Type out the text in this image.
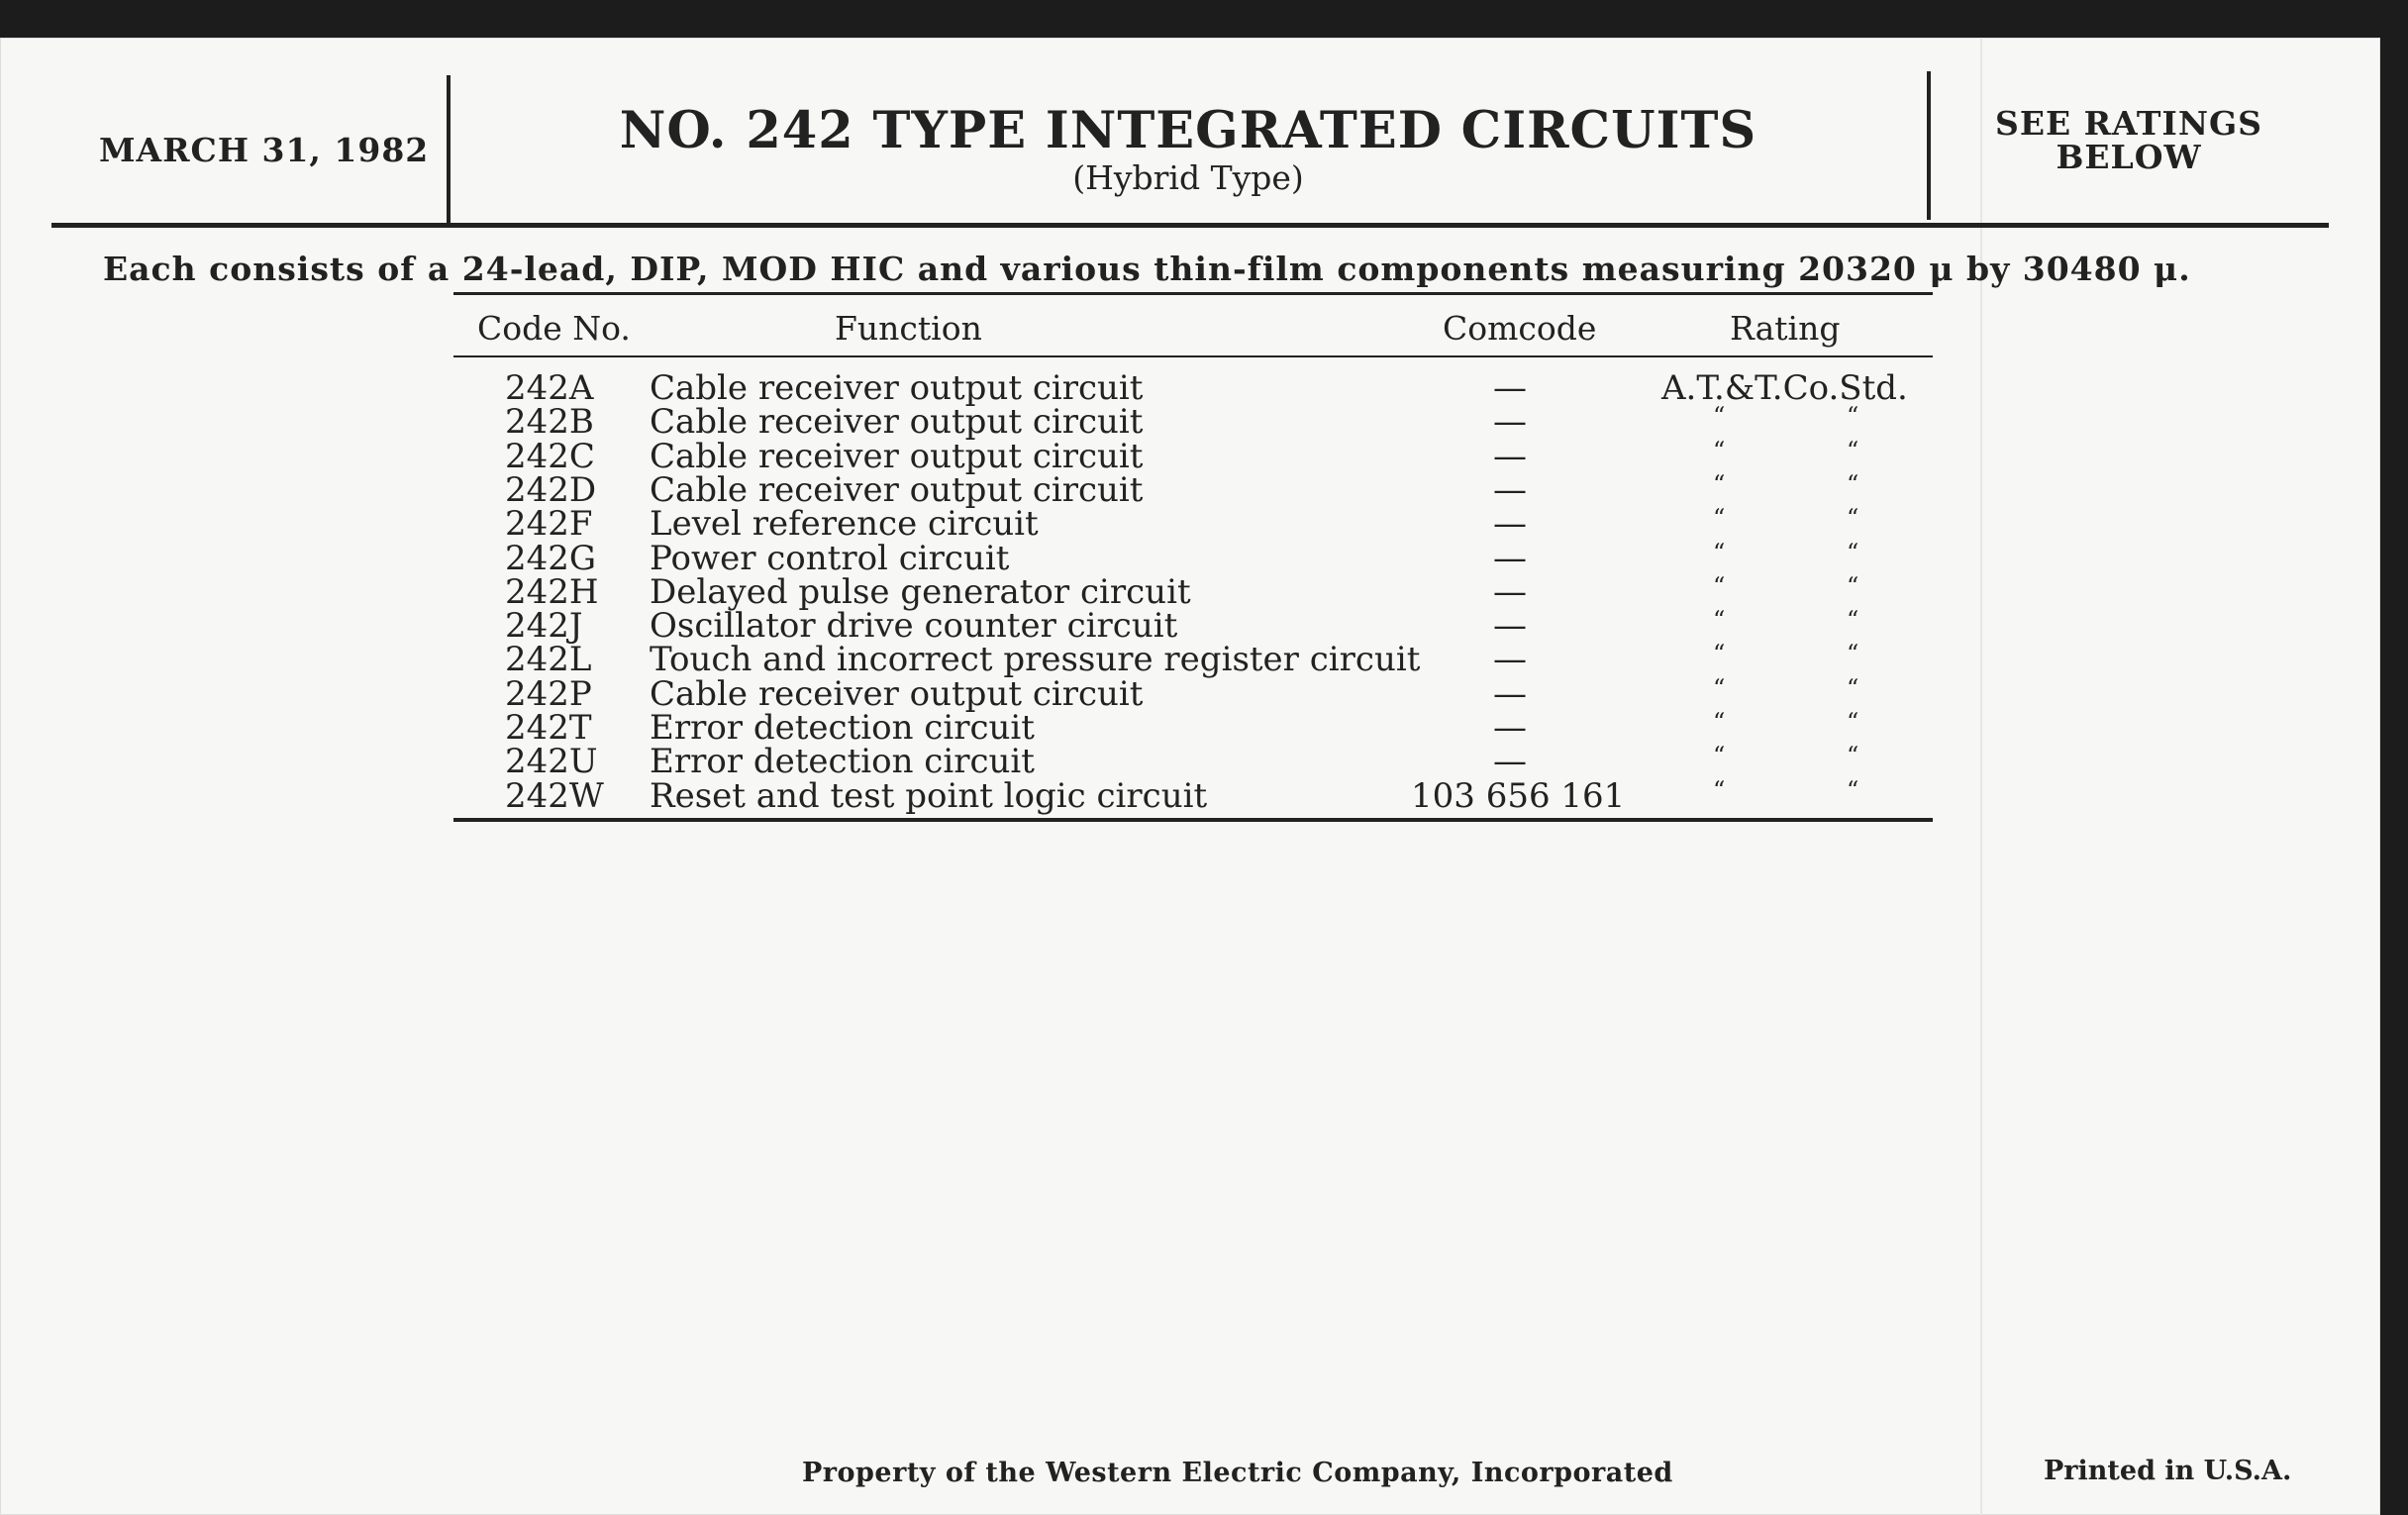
MARCH 31, 1982	NO. 242 TYPE INTEGRATED CIRCUITS
(Hybrid Type)
SEE RATINGS
BELOW
Each consists of a 24-lead, DIP, MOD HIC and various thin-film components measuring 20320 μ by 30480 μ.
Code No.	Function	Comcode	Rating
242A Cable receiver output circuit	—	A.T.&T.Co.Std.
242B Cable receiver output circuit	—	“	“
242C Cable receiver output circuit	—	“	“
242D Cable receiver output circuit	—	“	“
242F Level reference circuit	—	“	“
242G Power control circuit	—	“	“
242H Delayed pulse generator circuit	—	“	“
242J Oscillator drive counter circuit	—	“	“
242L Touch and incorrect pressure register circuit	—	“	“
242P Cable receiver output circuit	—	“	“
242T Error detection circuit	—	“	“
242U Error detection circuit	—	“	“
242W Reset and test point logic circuit	103 656 161	“	“
Property of the Western Electric Company, Incorporated	Printed in U.S.A.
